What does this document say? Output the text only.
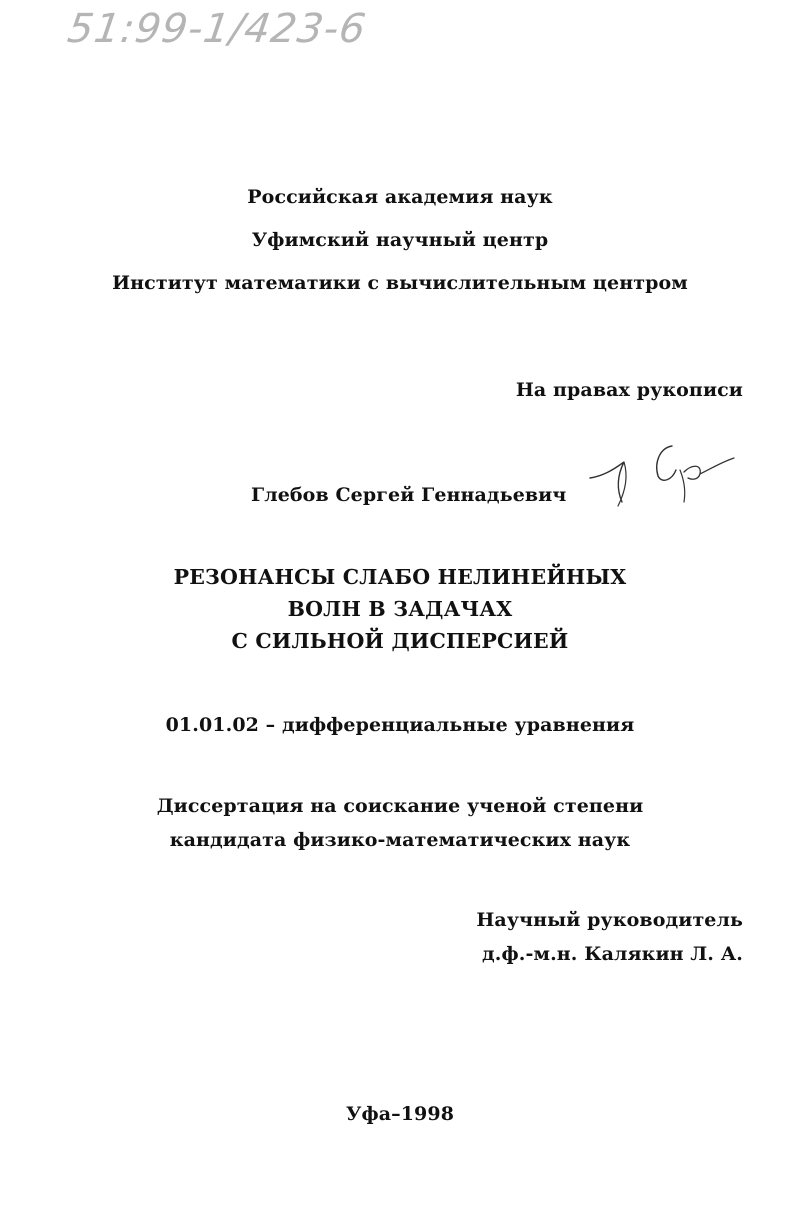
51:99-1/423-6
Российская академия наук
Уфимский научный центр
Институт математики с вычислительным центром
На правах рукописи
Глебов Сергей Геннадьевич
РЕЗОНАНСЫ СЛАБО НЕЛИНЕЙНЫХ
ВОЛН В ЗАДАЧАХ
С СИЛЬНОЙ ДИСПЕРСИЕЙ
01.01.02 – дифференциальные уравнения
Диссертация на соискание ученой степени
кандидата физико-математических наук
Научный руководитель
д.ф.-м.н. Калякин Л. А.
Уфа–1998
